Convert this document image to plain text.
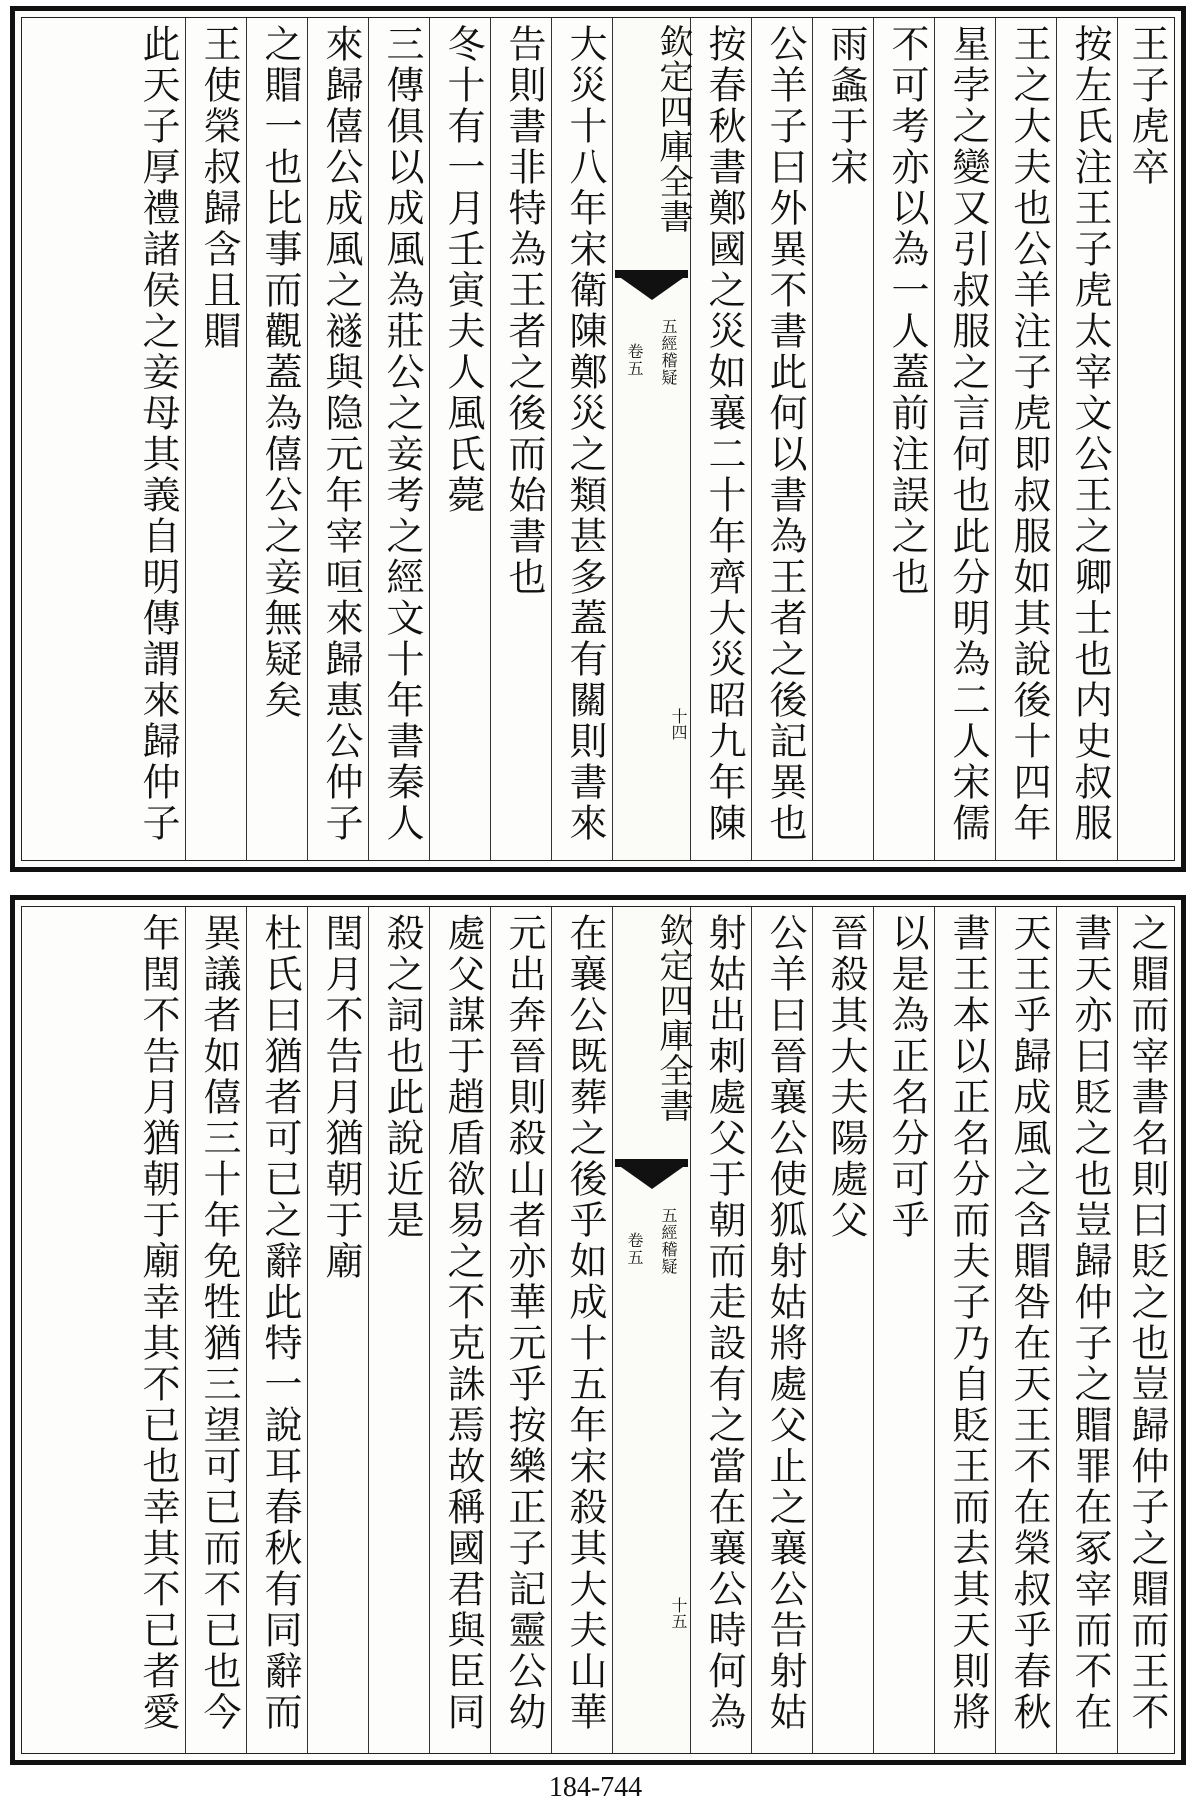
王子虎卒
按左氏注王子虎太宰文公王之卿士也内史叔服
王之大夫也公羊注子虎即叔服如其說後十四年
星孛之變又引叔服之言何也此分明為二人宋儒
不可考亦以為一人蓋前注誤之也
雨螽于宋
公羊子曰外異不書此何以書為王者之後記異也
按春秋書鄭國之災如襄二十年齊大災昭九年陳
欽定四庫全書
五經稽疑
卷五
十四
大災十八年宋衛陳鄭災之類甚多蓋有關則書來
告則書非特為王者之後而始書也
冬十有一月壬寅夫人風氏薨
三傳俱以成風為莊公之妾考之經文十年書秦人
來歸僖公成風之襚與隐元年宰咺來歸惠公仲子
之賵一也比事而觀蓋為僖公之妾無疑矣
王使榮叔歸含且賵
此天子厚禮諸侯之妾母其義自明傳謂來歸仲子
之賵而宰書名則曰貶之也豈歸仲子之賵而王不
書天亦曰貶之也豈歸仲子之賵罪在冢宰而不在
天王乎歸成風之含賵咎在天王不在榮叔乎春秋
書王本以正名分而夫子乃自貶王而去其天則將
以是為正名分可乎
晉殺其大夫陽處父
公羊曰晉襄公使狐射姑將處父止之襄公告射姑
射姑出刺處父于朝而走設有之當在襄公時何為
欽定四庫全書
五經稽疑
卷五
十五
在襄公既葬之後乎如成十五年宋殺其大夫山華
元出奔晉則殺山者亦華元乎按樂正子記靈公幼
處父謀于趙盾欲易之不克誅焉故稱國君與臣同
殺之詞也此說近是
閏月不告月猶朝于廟
杜氏曰猶者可已之辭此特一說耳春秋有同辭而
異議者如僖三十年免牲猶三望可已而不已也今
年閏不告月猶朝于廟幸其不已也幸其不已者愛
184-744
